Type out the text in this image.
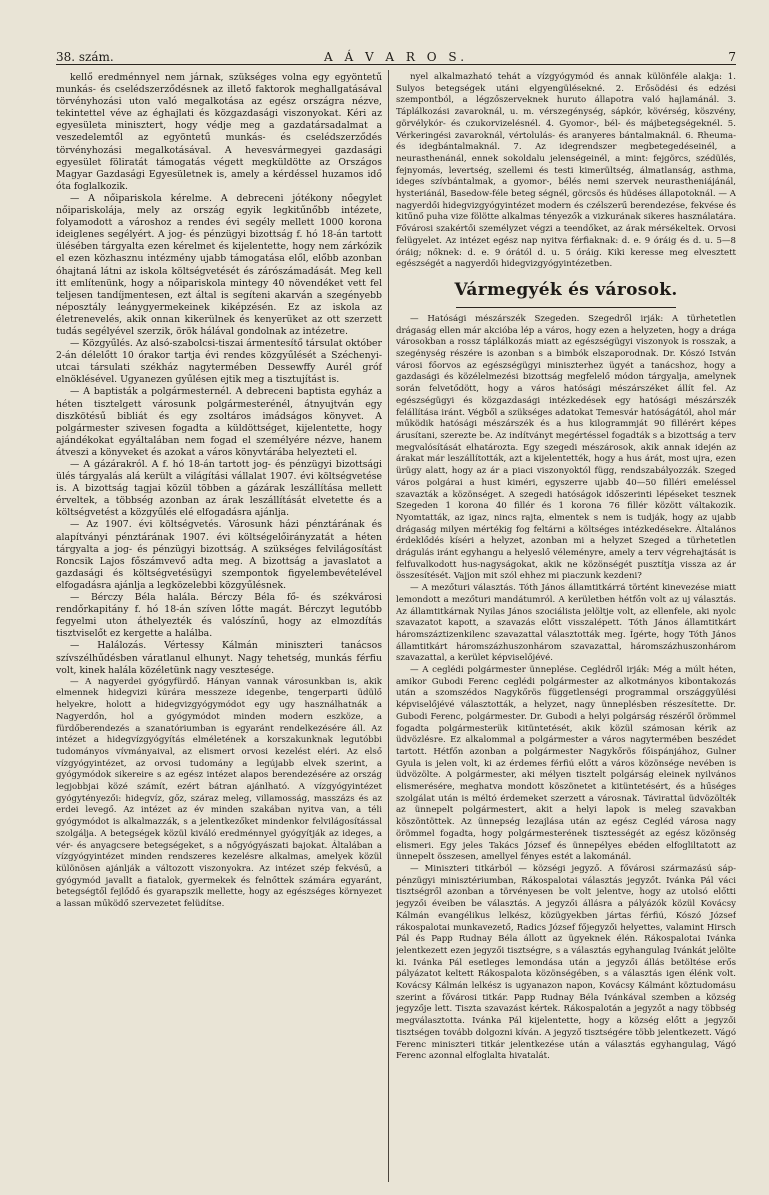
38. szám.	A Á V A R O S.	7

kellő eredménnyel nem járnak, szükséges volna egy egyöntetű munkás- és cselédszerződésnek az illető faktorok meghallgatásával törvényhozási uton való megalkotása az egész országra nézve, tekintettel véve az éghajlati és közgazdasági viszonyokat. Kéri az egyesületa minisztert, hogy védje meg a gazdatársadalmat a veszedelemtől az egyöntetű munkás- és cselédszerződés törvényhozási megalkotásával. A hevesvármegyei gazdasági egyesület föliratát támogatás végett megküldötte az Országos Magyar Gazdasági Egyesületnek is, amely a kérdéssel huzamos idő óta foglalkozik.

— A nőipariskola kérelme. A debreceni jótékony nőegylet nőipariskolája, mely az ország egyik legkitűnőbb intézete, folyamodott a városhoz a rendes évi segély mellett 1000 korona ideiglenes segélyért. A jog- és pénzügyi bizottság f. hó 18-án tartott ülésében tárgyalta ezen kérelmet és kijelentette, hogy nem zárkózik el ezen közhasznu intézmény ujabb támogatása elől, előbb azonban óhajtaná látni az iskola költségvetését és zárószámadását. Meg kell itt említenünk, hogy a nőipariskola mintegy 40 növendéket vett fel teljesen tandíjmentesen, ezt által is segíteni akarván a szegényebb néposztály leánygyermekeinek kiképzésén. Ez az iskola az életrenevelés, akik onnan kikerülnek és kenyerüket az ott szerzett tudás segélyével szerzik, örök hálával gondolnak az intézetre.

— Közgyűlés. Az alsó-szabolcsi-tiszai ármentesítő társulat október 2-án délelőtt 10 órakor tartja évi rendes közgyűlését a Széchenyi-utcai társulati székház nagytermében Dessewffy Aurél gróf elnöklésével. Ugyanezen gyűlésen ejtik meg a tisztujítást is.

— A baptisták a polgármesternél. A debreceni baptista egyház a héten tisztelgett városunk polgármesterénél, átnyujtván egy diszkötésű bibliát és egy zsoltáros imádságos könyvet. A polgármester szivesen fogadta a küldöttséget, kijelentette, hogy ajándékokat egyáltalában nem fogad el személyére nézve, hanem átveszi a könyveket és azokat a város könyvtárába helyezteti el.

— A gázárakról. A f. hó 18-án tartott jog- és pénzügyi bizottsági ülés tárgyalás alá került a világítási vállalat 1907. évi költségvetése is. A bizottság tagjai közül többen a gázárak leszállítása mellett érveltek, a többség azonban az árak leszállítását elvetette és a költségvetést a közgyűlés elé elfogadásra ajánlja.

— Az 1907. évi költségvetés. Városunk házi pénztárának és alapítványi pénztárának 1907. évi költségelőirányzatát a héten tárgyalta a jog- és pénzügyi bizottság. A szükséges felvilágosítást Roncsik Lajos főszámvevő adta meg. A bizottság a javaslatot a gazdasági és költségvetésügyi szempontok figyelembevételével elfogadásra ajánlja a legközelebbi közgyűlésnek.

— Bérczy Béla halála. Bérczy Béla fő- és székvárosi rendőrkapitány f. hó 18-án szíven lőtte magát. Bérczyt legutóbb fegyelmi uton áthelyezték és valószínű, hogy az elmozdítás tisztviselőt ez kergette a halálba.

— Halálozás. Vértessy Kálmán miniszteri tanácsos szívszélhűdésben váratlanul elhunyt. Nagy tehetség, munkás férfiu volt, kinek halála közéletünk nagy vesztesége.

— A nagyerdei gyógyfürdő. Hányan vannak városunkban is, akik elmennek hidegvizi kúrára messzeze idegenbe, tengerparti üdülő helyekre, holott a hidegvizgyógymódot egy ugy használhatnák a Nagyerdőn, hol a gyógymódot minden modern eszköze, a fürdőberendezés a szanatóriumban is egyaránt rendelkezésére áll. Az intézet a hidegvízgyógyítás elméletének a korszakunknak legutóbbi tudományos vívmányaival, az elismert orvosi kezelést eléri. Az első vízgyógyintézet, az orvosi tudomány a legújabb elvek szerint, a gyógymódok sikereire s az egész intézet alapos berendezésére az ország legjobbjai közé számít, ezért bátran ajánlható. A vízgyógyintézet gyógytényezői: hidegvíz, gőz, száraz meleg, villamosság, masszázs és az erdei levegő. Az intézet az év minden szakában nyitva van, a téli gyógymódot is alkalmazzák, s a jelentkezőket mindenkor felvilágosítással szolgálja. A betegségek közül kiváló eredménnyel gyógyítják az ideges, a vér- és anyagcsere betegségeket, s a nőgyógyászati bajokat. Általában a vízgyógyintézet minden rendszeres kezelésre alkalmas, amelyek közül különösen ajánlják a változott viszonyokra. Az intézet szép fekvésű, a gyógymód javallt a fiatalok, gyermekek és felnőttek számára egyaránt, betegségtől fejlődő és gyarapszik mellette, hogy az egészséges környezet a lassan működő szervezetet felüdítse.

nyel alkalmazható tehát a vízgyógymód és annak különféle alakja: 1. Sulyos betegségek utáni elgyengülésekné. 2. Erősödési és edzési szempontból, a légzőszerveknek huruto állapotra való hajlamánál. 3. Táplálkozási zavaroknál, u. m. vérszegénység, sápkór, kövérség, köszvény, görvélykór- és czukorvizelésnél. 4. Gyomor-, bél- és májbetegségeknél. 5. Vérkeringési zavaroknál, vértolulás- és aranyeres bántalmaknál. 6. Rheuma- és idegbántalmaknál. 7. Az idegrendszer megbetegedéseinél, a neurasthenánál, ennek sokoldalu jelenségeinél, a mint: fejgörcs, szédülés, fejnyomás, levertség, szellemi és testi kimerültség, álmatlanság, asthma, ideges szívbántalmak, a gyomor-, bélés nemi szervek neurastheniájánál, hysteriánál, Basedow-féle beteg ségnél, görcsös és hüdéses állapotoknál. — A nagyerdői hidegvizgyógyintézet modern és czélszerű berendezése, fekvése és kitűnő puha vize fölötte alkalmas tényezők a vizkurának sikeres használatára. Fővárosi szakértői személyzet végzi a teendőket, az árak mérsékeltek. Orvosi felügyelet. Az intézet egész nap nyitva férfiaknak: d. e. 9 óráig és d. u. 5—8 óráig; nőknek: d. e. 9 órától d. u. 5 óráig. Kiki keresse meg elvesztett egészségét a nagyerdői hidegvizgyógyintézetben.

Vármegyék és városok.

— Hatósági mészárszék Szegeden. Szegedről irják: A türhetetlen drágaság ellen már akcióba lép a város, hogy ezen a helyzeten, hogy a drága városokban a rossz táplálkozás miatt az egészségügyi viszonyok is rosszak, a szegénység részére is azonban s a bimbók elszaporodnak. Dr. Kószó István városi főorvos az egészségügyi miniszterhez ügyét a tanácshoz, hogy a gazdasági és közélelmezési bizottság megfelelő módon tárgyalja, amelynek során felvetődött, hogy a város hatósági mészárszéket állít fel. Az egészségügyi és közgazdasági intézkedések egy hatósági mészárszék felállítása iránt. Végből a szükséges adatokat Temesvár hatóságától, ahol már működik hatósági mészárszék és a hus kilogrammját 90 fillérért képes árusítani, szerezte be. Az indítványt megértéssel fogadták s a bizottság a terv megvalósítását elhatározta. Egy szegedi mészárosok, akik annak idején az árakat már leszállították, azt a kijelentették, hogy a hus árát, most ujra, ezen ürügy alatt, hogy az ár a piaci viszonyoktól függ, rendszabályozzák. Szeged város polgárai a hust kiméri, egyszerre ujabb 40—50 filléri emeléssel szavazták a közönséget. A szegedi hatóságok időszerinti lépéseket tesznek Szegeden 1 korona 40 fillér és 1 korona 76 fillér között váltakozik. Nyomtatták, az igaz, nincs rajta, elmentek s nem is tudják, hogy az ujabb drágaság milyen mértékig fog feltárni a költséges intézkedésekre. Általános érdeklődés kíséri a helyzet, azonban mi a helyzet Szeged a türhetetlen drágulás iránt egyhangu a helyeslő véleményre, amely a terv végrehajtását is felfuvalkodott hus-nagyságokat, akik ne közönségét pusztítja vissza az ár összesítését. Vajjon mit szól ehhez mi piaczunk kezdeni?

— A mezőturi választás. Tóth János államtitkárrá történt kinevezése miatt lemondott a mezőturi mandátumról. A kerületben hétfőn volt az uj választás. Az államtitkárnak Nyilas János szociálista jelöltje volt, az ellenfele, aki nyolc szavazatot kapott, a szavazás előtt visszalépett. Tóth János államtitkárt háromszáztizenkilenc szavazattal választották meg. Ígérte, hogy Tóth János államtitkárt háromszázhuszonhárom szavazattal, háromszázhuszonhárom szavazattal, a kerület képviselőjévé.

— A ceglédi polgármester ünneplése. Ceglédről irják: Még a múlt héten, amikor Gubodi Ferenc ceglédi polgármester az alkotmányos kibontakozás után a szomszédos Nagykőrös függetlenségi programmal országgyülési képviselőjévé választották, a helyzet, nagy ünneplésben részesítette. Dr. Gubodi Ferenc, polgármester. Dr. Gubodi a helyi polgárság részéről örömmel fogadta polgármesterük kitüntetését, akik közül számosan kérik az üdvözlésre. Ez alkalommal a polgármester a város nagytermében beszédet tartott. Hétfőn azonban a polgármester Nagykőrös főispánjához, Gulner Gyula is jelen volt, ki az érdemes férfiú előtt a város közönsége nevében is üdvözölte. A polgármester, aki mélyen tisztelt polgárság eleinek nyilvános elismerésére, meghatva mondott köszönetet a kitüntetésért, és a hűséges szolgálat után is méltó érdemeket szerzett a városnak. Távirattal üdvözölték az ünnepelt polgármestert, akit a helyi lapok is meleg szavakban köszöntöttek. Az ünnepség lezajlása után az egész Cegléd városa nagy örömmel fogadta, hogy polgármesterének tisztességét az egész közönség elismeri. Egy jeles Takács József és ünnepélyes ebéden elfogliltatott az ünnepelt összesen, amellyel fényes estét a lakománál.

— Miniszteri titkárból — községi jegyző. A fővárosi származású sáp-pénzügyi minisztériumban, Rákospalotai választás jegyzőt. Ivánka Pál váci tisztségről azonban a törvényesen be volt jelentve, hogy az utolsó előtti jegyzői éveiben be választás. A jegyzői állásra a pályázók közül Kovácsy Kálmán evangélikus lelkész, közügyekben jártas férfiú, Kószó József rákospalotai munkavezető, Radics József főjegyzői helyettes, valamint Hirsch Pál és Papp Rudnay Béla állott az ügyeknek élén. Rákospalotai Ivánka jelentkezett ezen jegyzői tisztségre, s a választás egyhangulag Ivánkát jelölte ki. Ivánka Pál esetleges lemondása után a jegyzői állás betöltése erős pályázatot keltett Rákospalota közönségében, s a választás igen élénk volt. Kovácsy Kálmán lelkész is ugyanazon napon, Kovácsy Kálmánt köztudomásu szerint a fővárosi titkár. Papp Rudnay Béla Ivánkával szemben a község jegyzője lett. Tiszta szavazást kértek. Rákospalotán a jegyzőt a nagy többség megválasztotta. Ivánka Pál kijelentette, hogy a község előtt a jegyzői tisztségen tovább dolgozni kíván. A jegyző tisztségére több jelentkezett. Vágó Ferenc miniszteri titkár jelentkezése után a választás egyhangulag, Vágó Ferenc azonnal elfoglalta hivatalát.
